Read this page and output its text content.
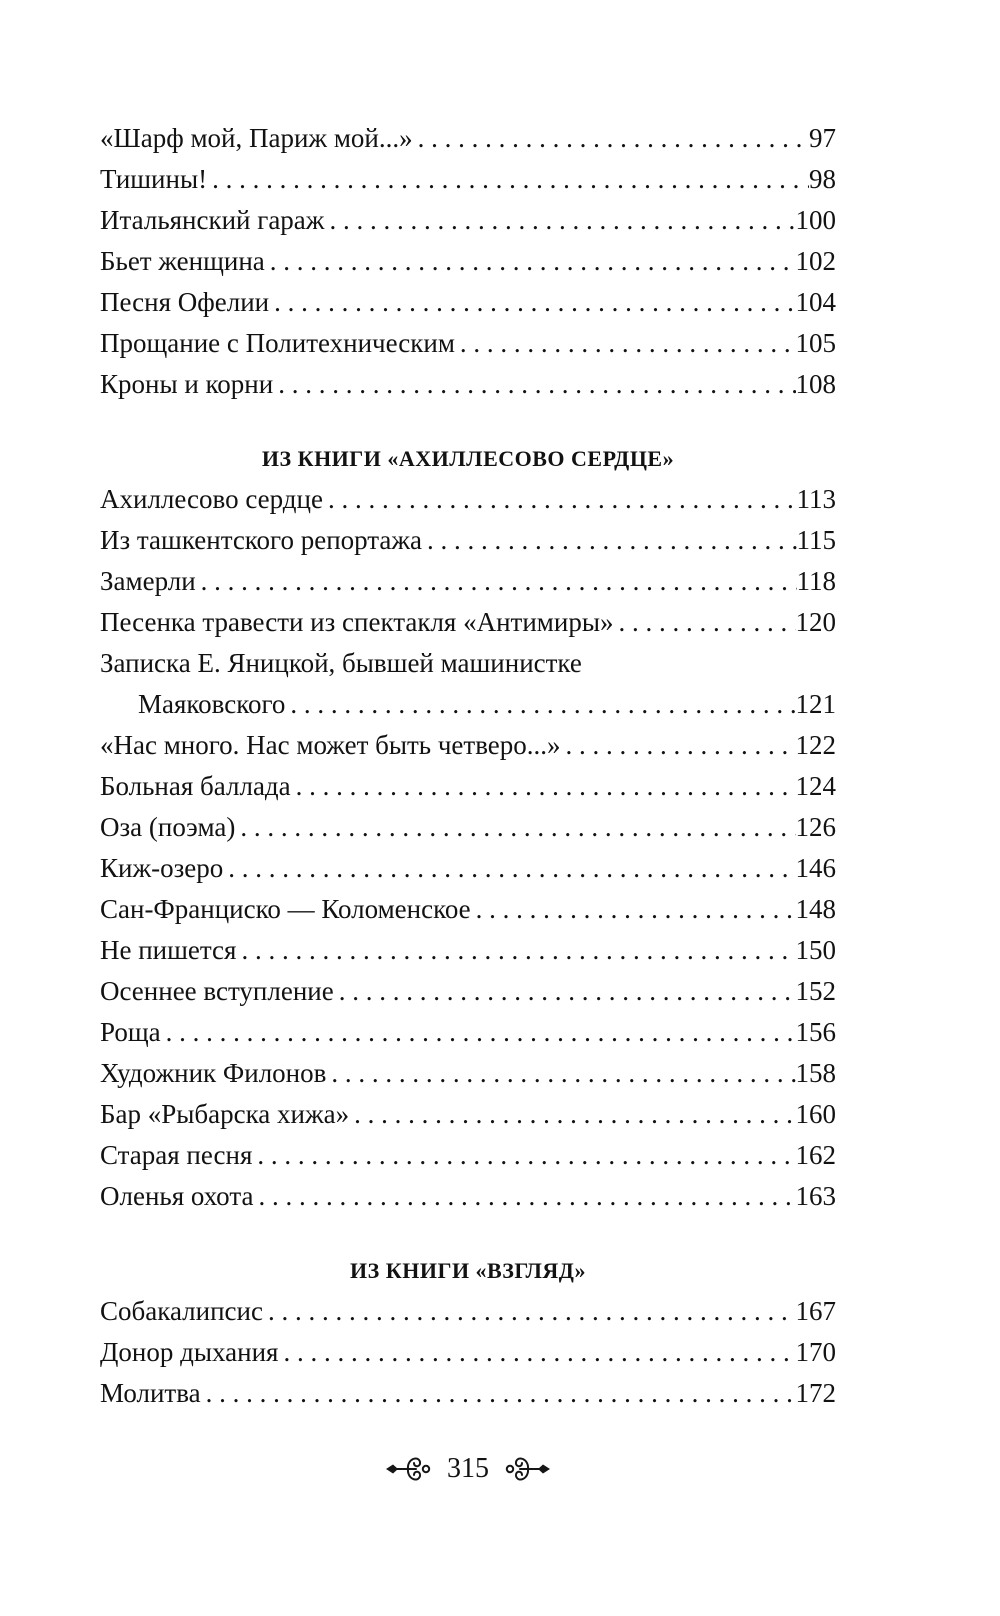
«Шарф мой, Париж мой...» . . .	97
Тишины! . . .	98
Итальянский гараж . . .	100
Бьет женщина . . .	102
Песня Офелии . . .	104
Прощание с Политехническим . . .	105
Кроны и корни . . .	108
ИЗ КНИГИ «АХИЛЛЕСОВО СЕРДЦЕ»
Ахиллесово сердце . . .	113
Из ташкентского репортажа . . .	115
Замерли . . .	118
Песенка травести из спектакля «Антимиры» . . .	120
Записка Е. Яницкой, бывшей машинистке
Маяковского . . .	121
«Нас много. Нас может быть четверо...» . . .	122
Больная баллада . . .	124
Оза (поэма) . . .	126
Киж-озеро . . .	146
Сан-Франциско — Коломенское . . .	148
Не пишется . . .	150
Осеннее вступление . . .	152
Роща . . .	156
Художник Филонов . . .	158
Бар «Рыбарска хижа» . . .	160
Старая песня . . .	162
Оленья охота . . .	163
ИЗ КНИГИ «ВЗГЛЯД»
Собакалипсис . . .	167
Донор дыхания . . .	170
Молитва . . .	172
315
